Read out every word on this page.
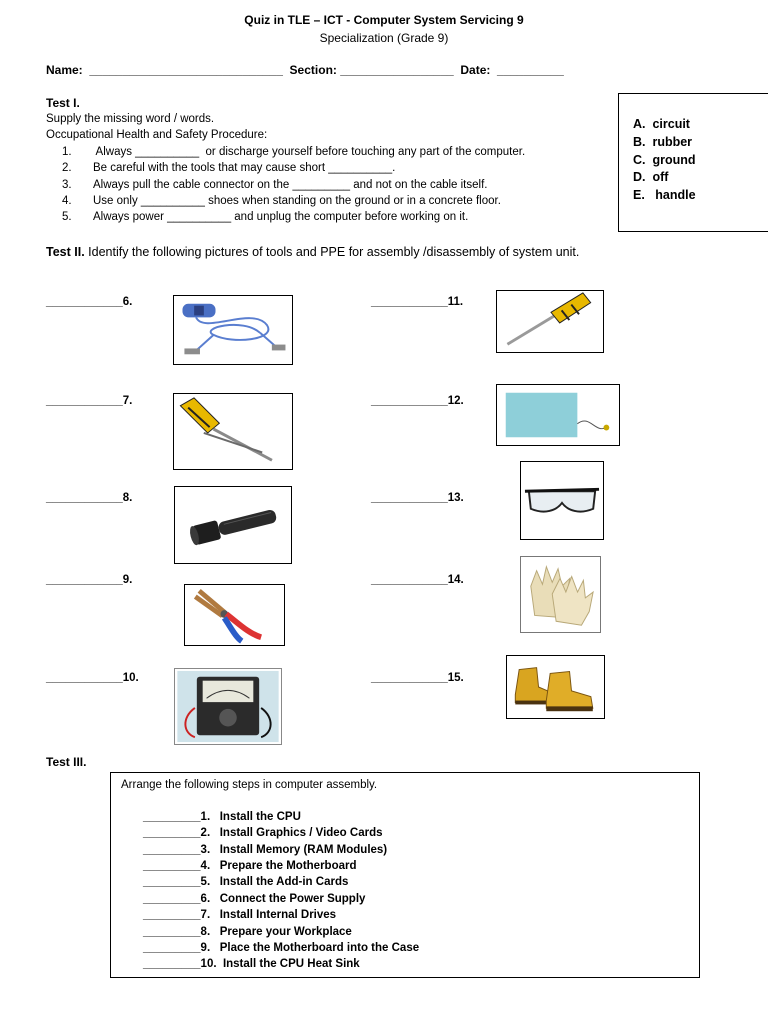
Quiz in TLE – ICT - Computer System Servicing 9
Specialization (Grade 9)
Name:  _____________________________  Section: _________________  Date:  __________
Test I.
Supply the missing word / words.
Occupational Health and Safety Procedure:
1. Always __________  or discharge yourself before touching any part of the computer.
2. Be careful with the tools that may cause short __________.
3. Always pull the cable connector on the _________ and not on the cable itself.
4. Use only __________ shoes when standing on the ground or in a concrete floor.
5. Always power __________ and unplug the computer before working on it.
A. circuit
B. rubber
C. ground
D. off
E.   handle
Test II. Identify the following pictures of tools and PPE for assembly /disassembly of system unit.
____________6.
____________7.
____________8.
____________9.
____________10.
____________11.
____________12.
____________13.
____________14.
____________15.
Test III.
Arrange the following steps in computer assembly.
_________1.   Install the CPU
_________2.   Install Graphics / Video Cards
_________3.   Install Memory (RAM Modules)
_________4.   Prepare the Motherboard
_________5.   Install the Add-in Cards
_________6.   Connect the Power Supply
_________7.   Install Internal Drives
_________8.   Prepare your Workplace
_________9.   Place the Motherboard into the Case
_________10.  Install the CPU Heat Sink
